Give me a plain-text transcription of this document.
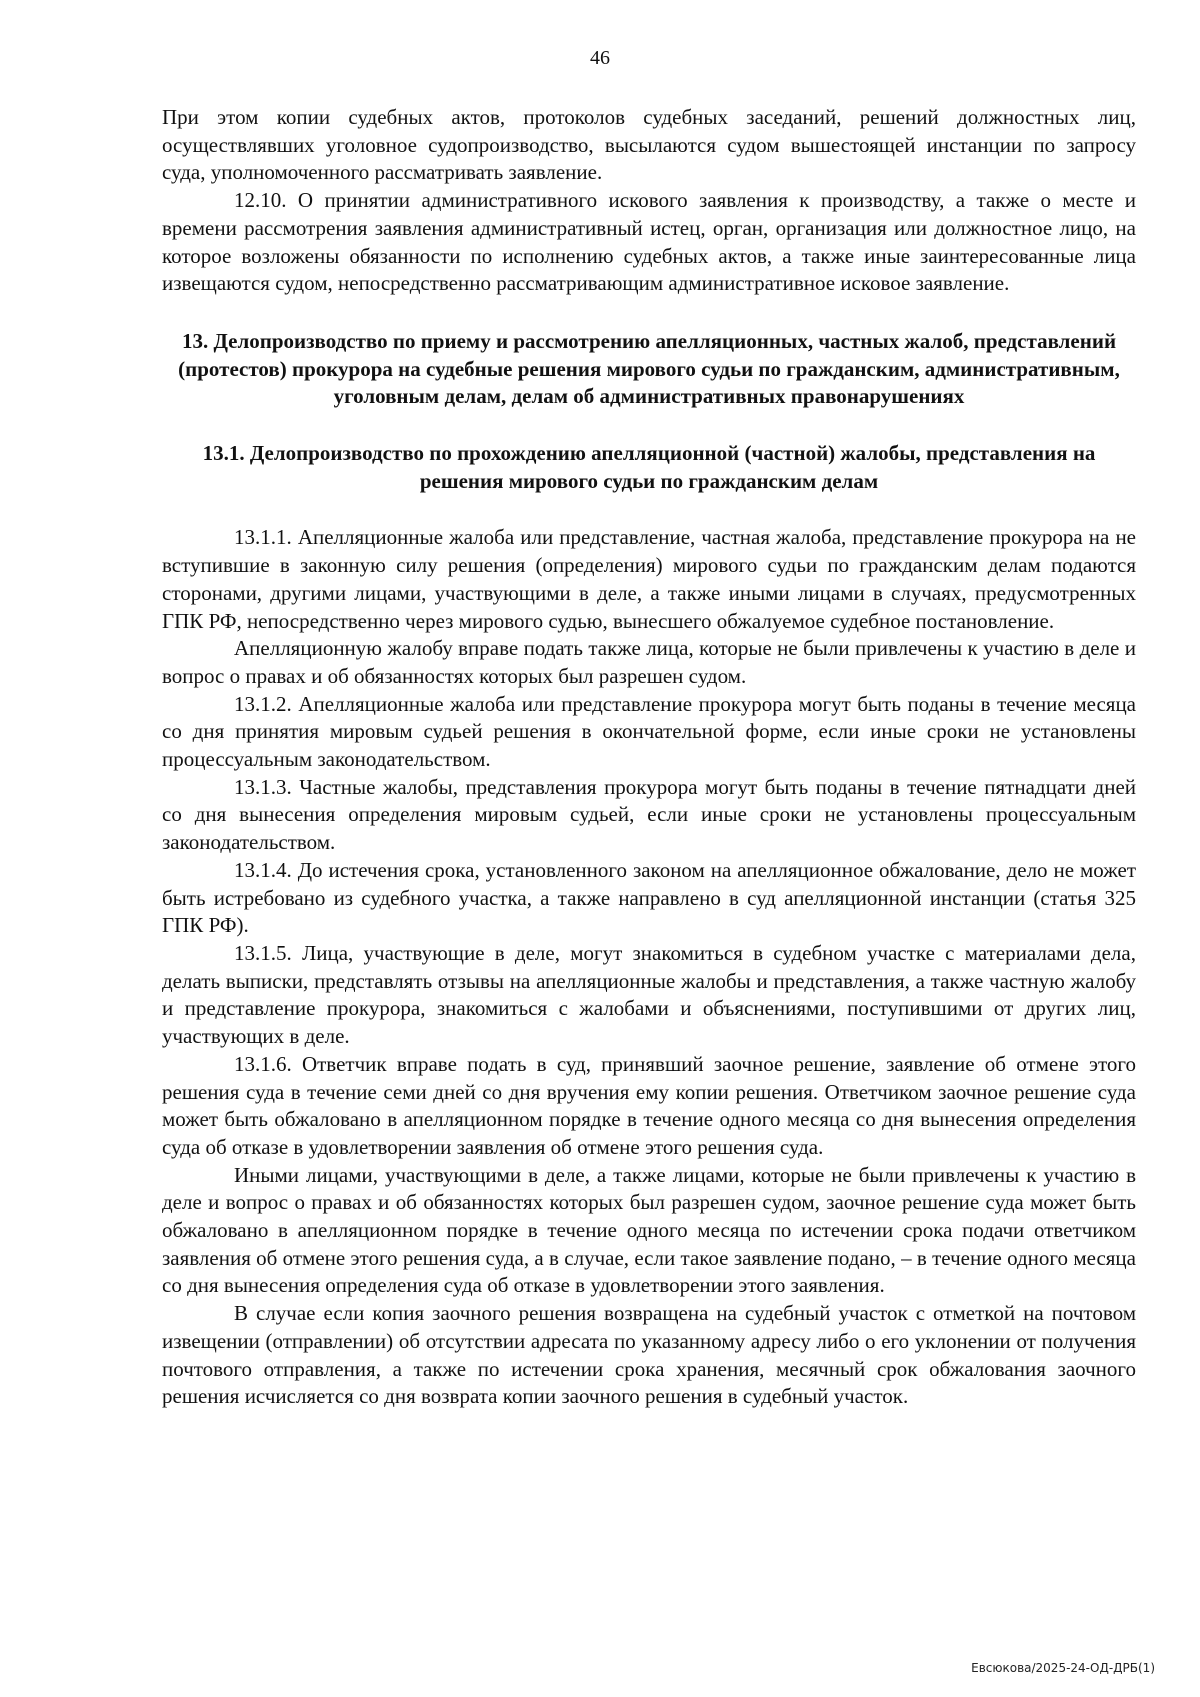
46

При этом копии судебных актов, протоколов судебных заседаний, решений должностных лиц, осуществлявших уголовное судопроизводство, высылаются судом вышестоящей инстанции по запросу суда, уполномоченного рассматривать заявление.

12.10. О принятии административного искового заявления к производству, а также о месте и времени рассмотрения заявления административный истец, орган, организация или должностное лицо, на которое возложены обязанности по исполнению судебных актов, а также иные заинтересованные лица извещаются судом, непосредственно рассматривающим административное исковое заявление.

13. Делопроизводство по приему и рассмотрению апелляционных, частных жалоб, представлений (протестов) прокурора на судебные решения мирового судьи по гражданским, административным, уголовным делам, делам об административных правонарушениях
13.1. Делопроизводство по прохождению апелляционной (частной) жалобы, представления на решения мирового судьи по гражданским делам

13.1.1. Апелляционные жалоба или представление, частная жалоба, представление прокурора на не вступившие в законную силу решения (определения) мирового судьи по гражданским делам подаются сторонами, другими лицами, участвующими в деле, а также иными лицами в случаях, предусмотренных ГПК РФ, непосредственно через мирового судью, вынесшего обжалуемое судебное постановление.

Апелляционную жалобу вправе подать также лица, которые не были привлечены к участию в деле и вопрос о правах и об обязанностях которых был разрешен судом.

13.1.2. Апелляционные жалоба или представление прокурора могут быть поданы в течение месяца со дня принятия мировым судьей решения в окончательной форме, если иные сроки не установлены процессуальным законодательством.

13.1.3. Частные жалобы, представления прокурора могут быть поданы в течение пятнадцати дней со дня вынесения определения мировым судьей, если иные сроки не установлены процессуальным законодательством.

13.1.4. До истечения срока, установленного законом на апелляционное обжалование, дело не может быть истребовано из судебного участка, а также направлено в суд апелляционной инстанции (статья 325 ГПК РФ).

13.1.5. Лица, участвующие в деле, могут знакомиться в судебном участке с материалами дела, делать выписки, представлять отзывы на апелляционные жалобы и представления, а также частную жалобу и представление прокурора, знакомиться с жалобами и объяснениями, поступившими от других лиц, участвующих в деле.

13.1.6. Ответчик вправе подать в суд, принявший заочное решение, заявление об отмене этого решения суда в течение семи дней со дня вручения ему копии решения. Ответчиком заочное решение суда может быть обжаловано в апелляционном порядке в течение одного месяца со дня вынесения определения суда об отказе в удовлетворении заявления об отмене этого решения суда.

Иными лицами, участвующими в деле, а также лицами, которые не были привлечены к участию в деле и вопрос о правах и об обязанностях которых был разрешен судом, заочное решение суда может быть обжаловано в апелляционном порядке в течение одного месяца по истечении срока подачи ответчиком заявления об отмене этого решения суда, а в случае, если такое заявление подано, – в течение одного месяца со дня вынесения определения суда об отказе в удовлетворении этого заявления.

В случае если копия заочного решения возвращена на судебный участок с отметкой на почтовом извещении (отправлении) об отсутствии адресата по указанному адресу либо о его уклонении от получения почтового отправления, а также по истечении срока хранения, месячный срок обжалования заочного решения исчисляется со дня возврата копии заочного решения в судебный участок.

Евсюкова/2025-24-ОД-ДРБ(1)
